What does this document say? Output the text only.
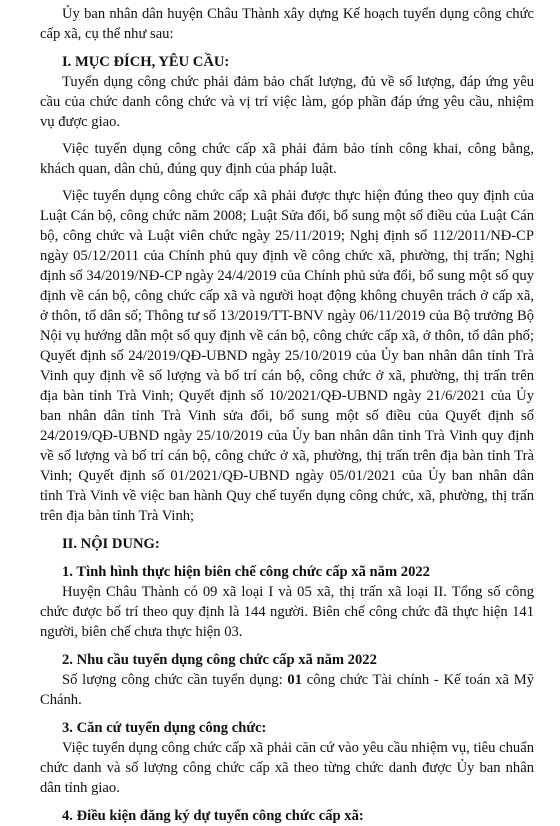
Ủy ban nhân dân huyện Châu Thành xây dựng Kế hoạch tuyển dụng công chức cấp xã, cụ thể như sau:

I. MỤC ĐÍCH, YÊU CẦU:

Tuyển dụng công chức phải đảm bảo chất lượng, đủ về số lượng, đáp ứng yêu cầu của chức danh công chức và vị trí việc làm, góp phần đáp ứng yêu cầu, nhiệm vụ được giao.

Việc tuyển dụng công chức cấp xã phải đảm bảo tính công khai, công bằng, khách quan, dân chủ, đúng quy định của pháp luật.

Việc tuyển dụng công chức cấp xã phải được thực hiện đúng theo quy định của Luật Cán bộ, công chức năm 2008; Luật Sửa đổi, bổ sung một số điều của Luật Cán bộ, công chức và Luật viên chức ngày 25/11/2019; Nghị định số 112/2011/NĐ-CP ngày 05/12/2011 của Chính phủ quy định về công chức xã, phường, thị trấn; Nghị định số 34/2019/NĐ-CP ngày 24/4/2019 của Chính phủ sửa đổi, bổ sung một số quy định về cán bộ, công chức cấp xã và người hoạt động không chuyên trách ở cấp xã, ở thôn, tổ dân số; Thông tư số 13/2019/TT-BNV ngày 06/11/2019 của Bộ trưởng Bộ Nội vụ hướng dẫn một số quy định về cán bộ, công chức cấp xã, ở thôn, tổ dân phố; Quyết định số 24/2019/QĐ-UBND ngày 25/10/2019 của Ủy ban nhân dân tỉnh Trà Vinh quy định về số lượng và bố trí cán bộ, công chức ở xã, phường, thị trấn trên địa bàn tỉnh Trà Vinh; Quyết định số 10/2021/QĐ-UBND ngày 21/6/2021 của Ủy ban nhân dân tỉnh Trà Vinh sửa đổi, bổ sung một số điều của Quyết định số 24/2019/QĐ-UBND ngày 25/10/2019 của Ủy ban nhân dân tỉnh Trà Vinh quy định về số lượng và bố trí cán bộ, công chức ở xã, phường, thị trấn trên địa bàn tỉnh Trà Vinh; Quyết định số 01/2021/QĐ-UBND ngày 05/01/2021 của Ủy ban nhân dân tỉnh Trà Vinh về việc ban hành Quy chế tuyển dụng công chức, xã, phường, thị trấn trên địa bàn tỉnh Trà Vinh;

II. NỘI DUNG:
1. Tình hình thực hiện biên chế công chức cấp xã năm 2022

Huyện Châu Thành có 09 xã loại I và 05 xã, thị trấn xã loại II. Tổng số công chức được bố trí theo quy định là 144 người. Biên chế công chức đã thực hiện 141 người, biên chế chưa thực hiện 03.

2. Nhu cầu tuyển dụng công chức cấp xã năm 2022

Số lượng công chức cần tuyển dụng: 01 công chức Tài chính - Kế toán xã Mỹ Chánh.

3. Căn cứ tuyển dụng công chức:

Việc tuyển dụng công chức cấp xã phải căn cứ vào yêu cầu nhiệm vụ, tiêu chuẩn chức danh và số lượng công chức cấp xã theo từng chức danh được Ủy ban nhân dân tỉnh giao.

4. Điều kiện đăng ký dự tuyển công chức cấp xã:
